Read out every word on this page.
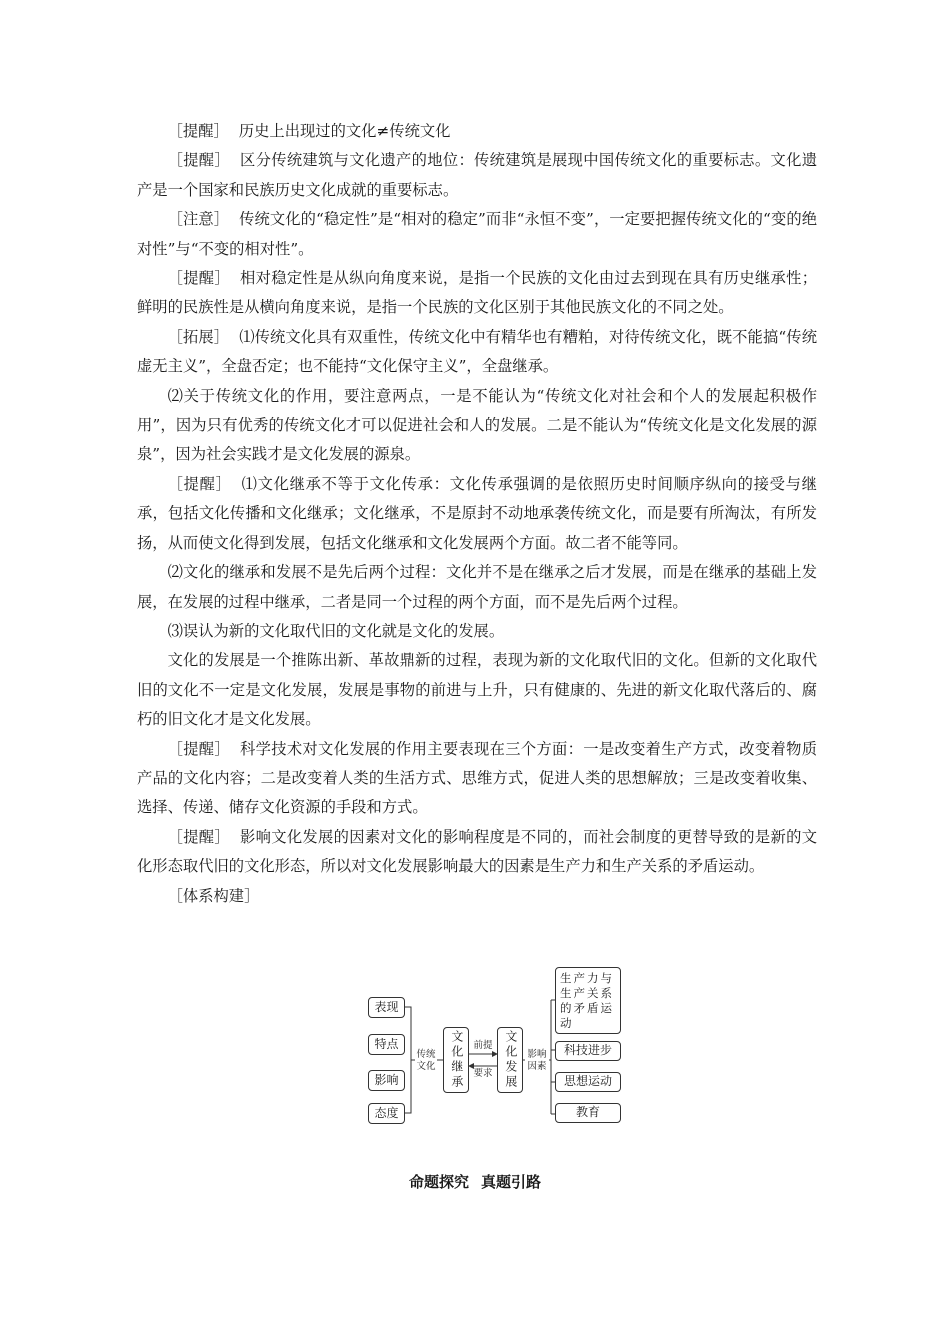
［提醒］ 历史上出现过的文化≠传统文化

［提醒］ 区分传统建筑与文化遗产的地位：传统建筑是展现中国传统文化的重要标志。文化遗产是一个国家和民族历史文化成就的重要标志。

［注意］ 传统文化的“稳定性”是“相对的稳定”而非“永恒不变”，一定要把握传统文化的“变的绝对性”与“不变的相对性”。

［提醒］ 相对稳定性是从纵向角度来说，是指一个民族的文化由过去到现在具有历史继承性；鲜明的民族性是从横向角度来说，是指一个民族的文化区别于其他民族文化的不同之处。

［拓展］ ⑴传统文化具有双重性，传统文化中有精华也有糟粕，对待传统文化，既不能搞“传统虚无主义”，全盘否定；也不能持“文化保守主义”，全盘继承。

⑵关于传统文化的作用，要注意两点，一是不能认为“传统文化对社会和个人的发展起积极作用”，因为只有优秀的传统文化才可以促进社会和人的发展。二是不能认为“传统文化是文化发展的源泉”，因为社会实践才是文化发展的源泉。

［提醒］ ⑴文化继承不等于文化传承：文化传承强调的是依照历史时间顺序纵向的接受与继承，包括文化传播和文化继承；文化继承，不是原封不动地承袭传统文化，而是要有所淘汰，有所发扬，从而使文化得到发展，包括文化继承和文化发展两个方面。故二者不能等同。

⑵文化的继承和发展不是先后两个过程：文化并不是在继承之后才发展，而是在继承的基础上发展，在发展的过程中继承，二者是同一个过程的两个方面，而不是先后两个过程。

⑶误认为新的文化取代旧的文化就是文化的发展。

文化的发展是一个推陈出新、革故鼎新的过程，表现为新的文化取代旧的文化。但新的文化取代旧的文化不一定是文化发展，发展是事物的前进与上升，只有健康的、先进的新文化取代落后的、腐朽的旧文化才是文化发展。

［提醒］ 科学技术对文化发展的作用主要表现在三个方面：一是改变着生产方式，改变着物质产品的文化内容；二是改变着人类的生活方式、思维方式，促进人类的思想解放；三是改变着收集、选择、传递、储存文化资源的手段和方式。

［提醒］ 影响文化发展的因素对文化的影响程度是不同的，而社会制度的更替导致的是新的文化形态取代旧的文化形态，所以对文化发展影响最大的因素是生产力和生产关系的矛盾运动。

［体系构建］

表现
特点
影响
态度
传统
文化 文化继承	前提
要求 文化发展 影响
因素
生产力与生产关系的矛盾运动
科技进步
思想运动
教育
命题探究 真题引路
